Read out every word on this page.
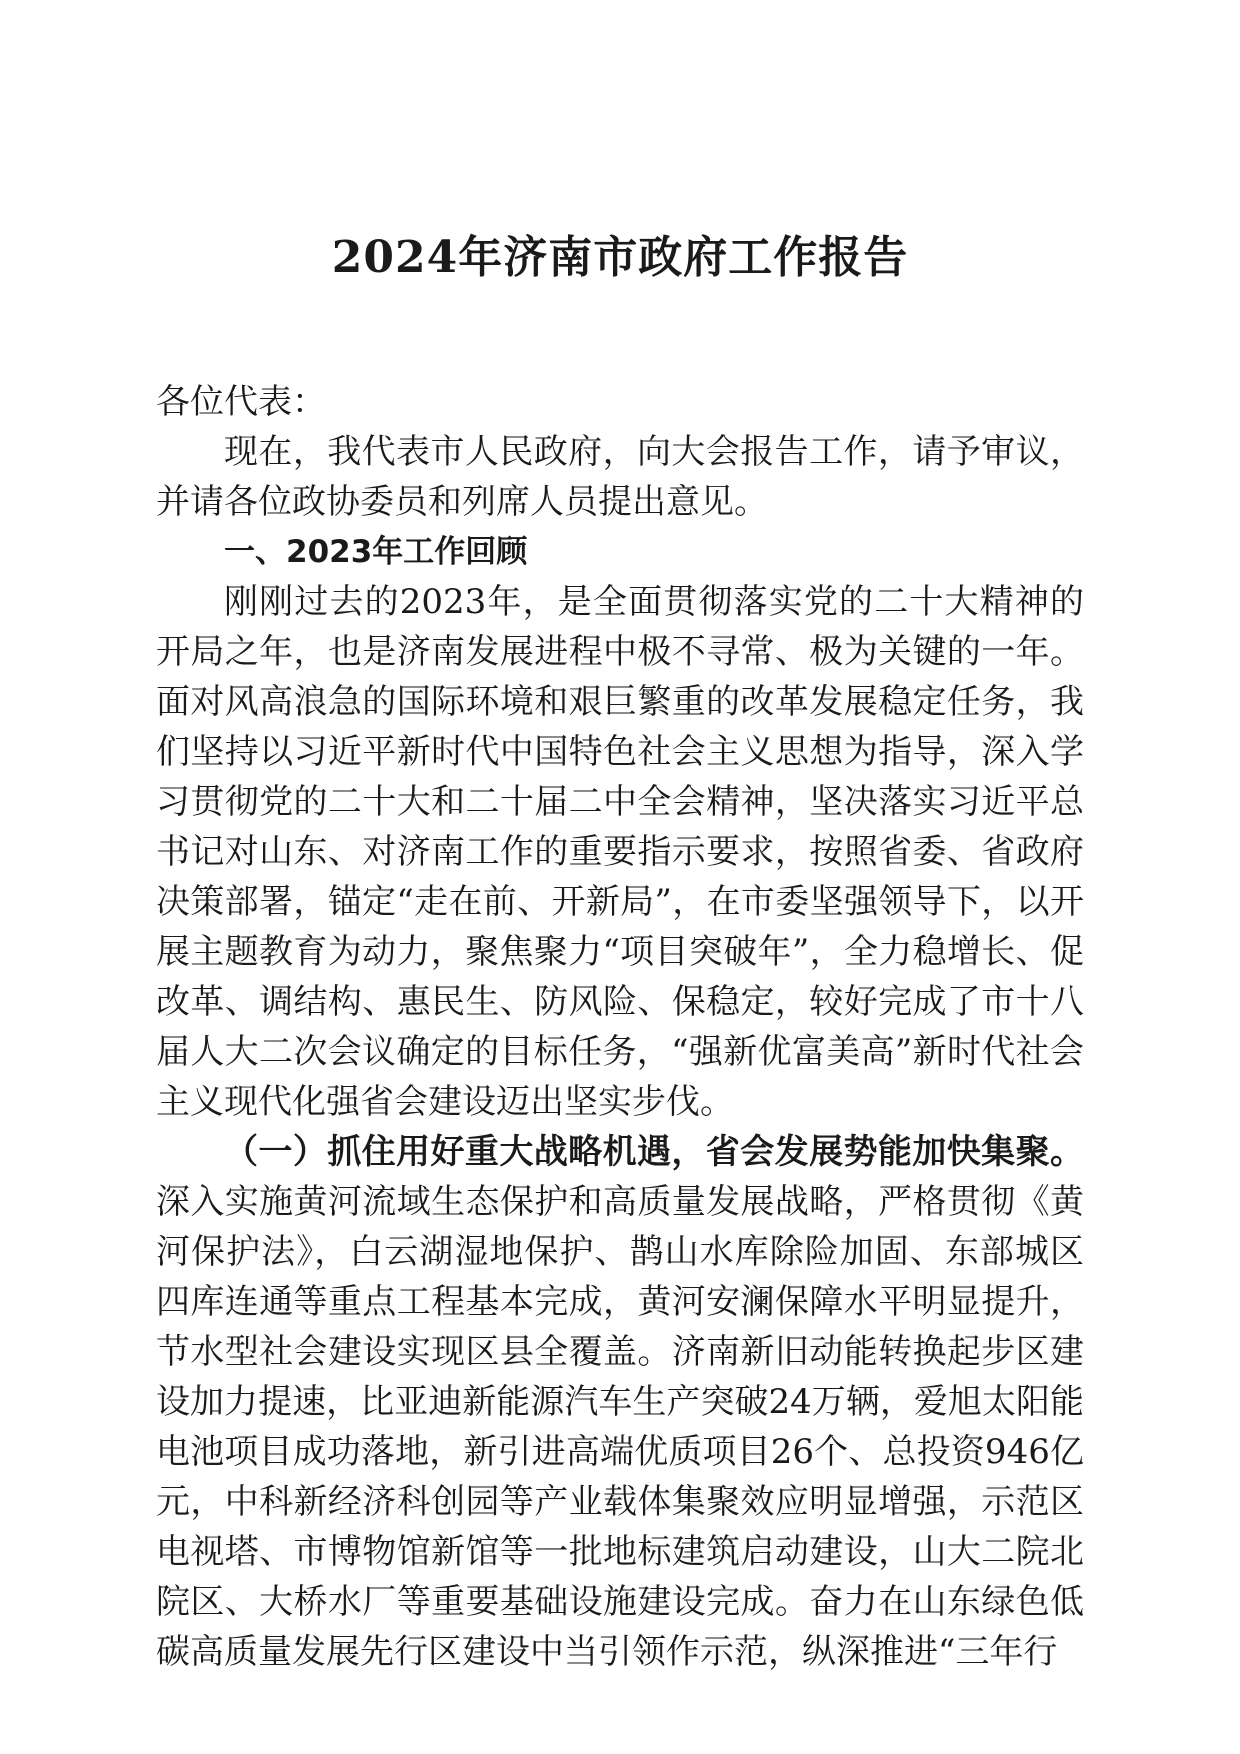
2024年济南市政府工作报告

各位代表：

现在，我代表市人民政府，向大会报告工作，请予审议，并请各位政协委员和列席人员提出意见。

一、2023年工作回顾

刚刚过去的2023年，是全面贯彻落实党的二十大精神的开局之年，也是济南发展进程中极不寻常、极为关键的一年。面对风高浪急的国际环境和艰巨繁重的改革发展稳定任务，我们坚持以习近平新时代中国特色社会主义思想为指导，深入学习贯彻党的二十大和二十届二中全会精神，坚决落实习近平总书记对山东、对济南工作的重要指示要求，按照省委、省政府决策部署，锚定“走在前、开新局”，在市委坚强领导下，以开展主题教育为动力，聚焦聚力“项目突破年”，全力稳增长、促改革、调结构、惠民生、防风险、保稳定，较好完成了市十八届人大二次会议确定的目标任务，“强新优富美高”新时代社会主义现代化强省会建设迈出坚实步伐。

（一）抓住用好重大战略机遇，省会发展势能加快集聚。深入实施黄河流域生态保护和高质量发展战略，严格贯彻《黄河保护法》，白云湖湿地保护、鹊山水库除险加固、东部城区四库连通等重点工程基本完成，黄河安澜保障水平明显提升，节水型社会建设实现区县全覆盖。济南新旧动能转换起步区建设加力提速，比亚迪新能源汽车生产突破24万辆，爱旭太阳能电池项目成功落地，新引进高端优质项目26个、总投资946亿元，中科新经济科创园等产业载体集聚效应明显增强，示范区电视塔、市博物馆新馆等一批地标建筑启动建设，山大二院北院区、大桥水厂等重要基础设施建设完成。奋力在山东绿色低碳高质量发展先行区建设中当引领作示范，纵深推进“三年行
